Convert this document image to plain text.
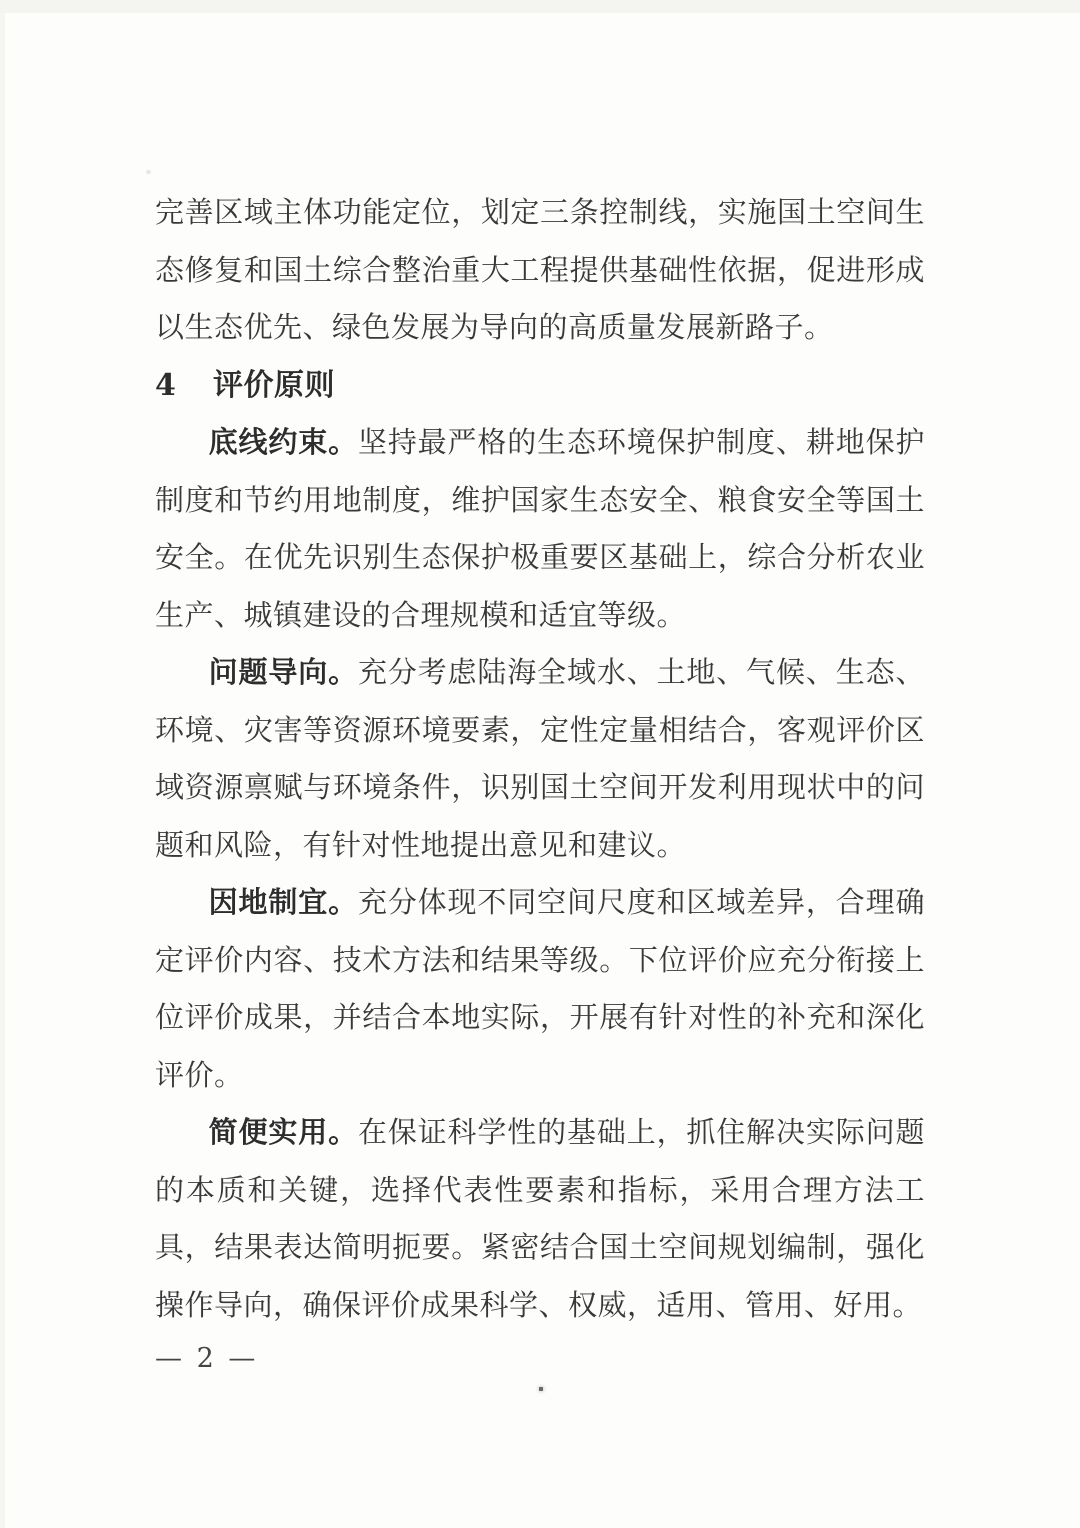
完善区域主体功能定位，划定三条控制线，实施国土空间生态修复和国土综合整治重大工程提供基础性依据，促进形成以生态优先、绿色发展为导向的高质量发展新路子。

4 评价原则

底线约束。坚持最严格的生态环境保护制度、耕地保护制度和节约用地制度，维护国家生态安全、粮食安全等国土安全。在优先识别生态保护极重要区基础上，综合分析农业生产、城镇建设的合理规模和适宜等级。

问题导向。充分考虑陆海全域水、土地、气候、生态、环境、灾害等资源环境要素，定性定量相结合，客观评价区域资源禀赋与环境条件，识别国土空间开发利用现状中的问题和风险，有针对性地提出意见和建议。

因地制宜。充分体现不同空间尺度和区域差异，合理确定评价内容、技术方法和结果等级。下位评价应充分衔接上位评价成果，并结合本地实际，开展有针对性的补充和深化评价。

简便实用。在保证科学性的基础上，抓住解决实际问题的本质和关键，选择代表性要素和指标，采用合理方法工具，结果表达简明扼要。紧密结合国土空间规划编制，强化操作导向，确保评价成果科学、权威，适用、管用、好用。

— 2 —
